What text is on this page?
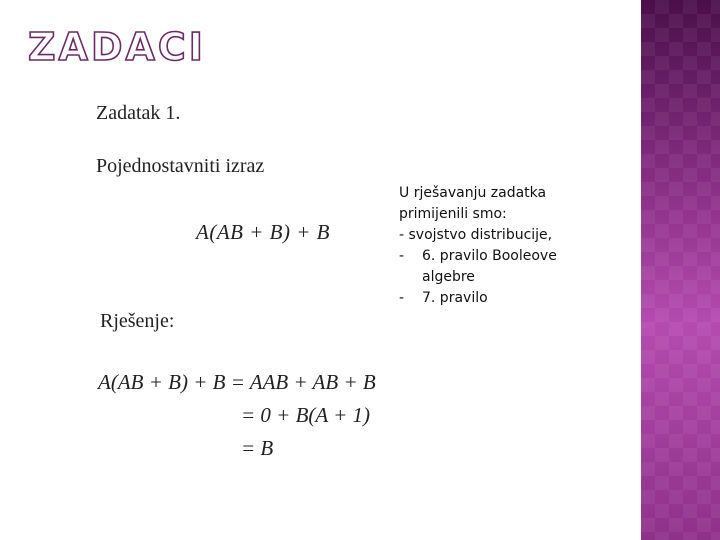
ZADACI
Zadatak 1.
Pojednostavniti izraz
A(AB + B) + B
Rješenje:
A(AB + B) + B = AAB + AB + B
= 0 + B(A + 1)
= B
U rješavanju zadatka
primijenili smo:
- svojstvo distribucije,
- 6. pravilo Booleove
algebre
- 7. pravilo
